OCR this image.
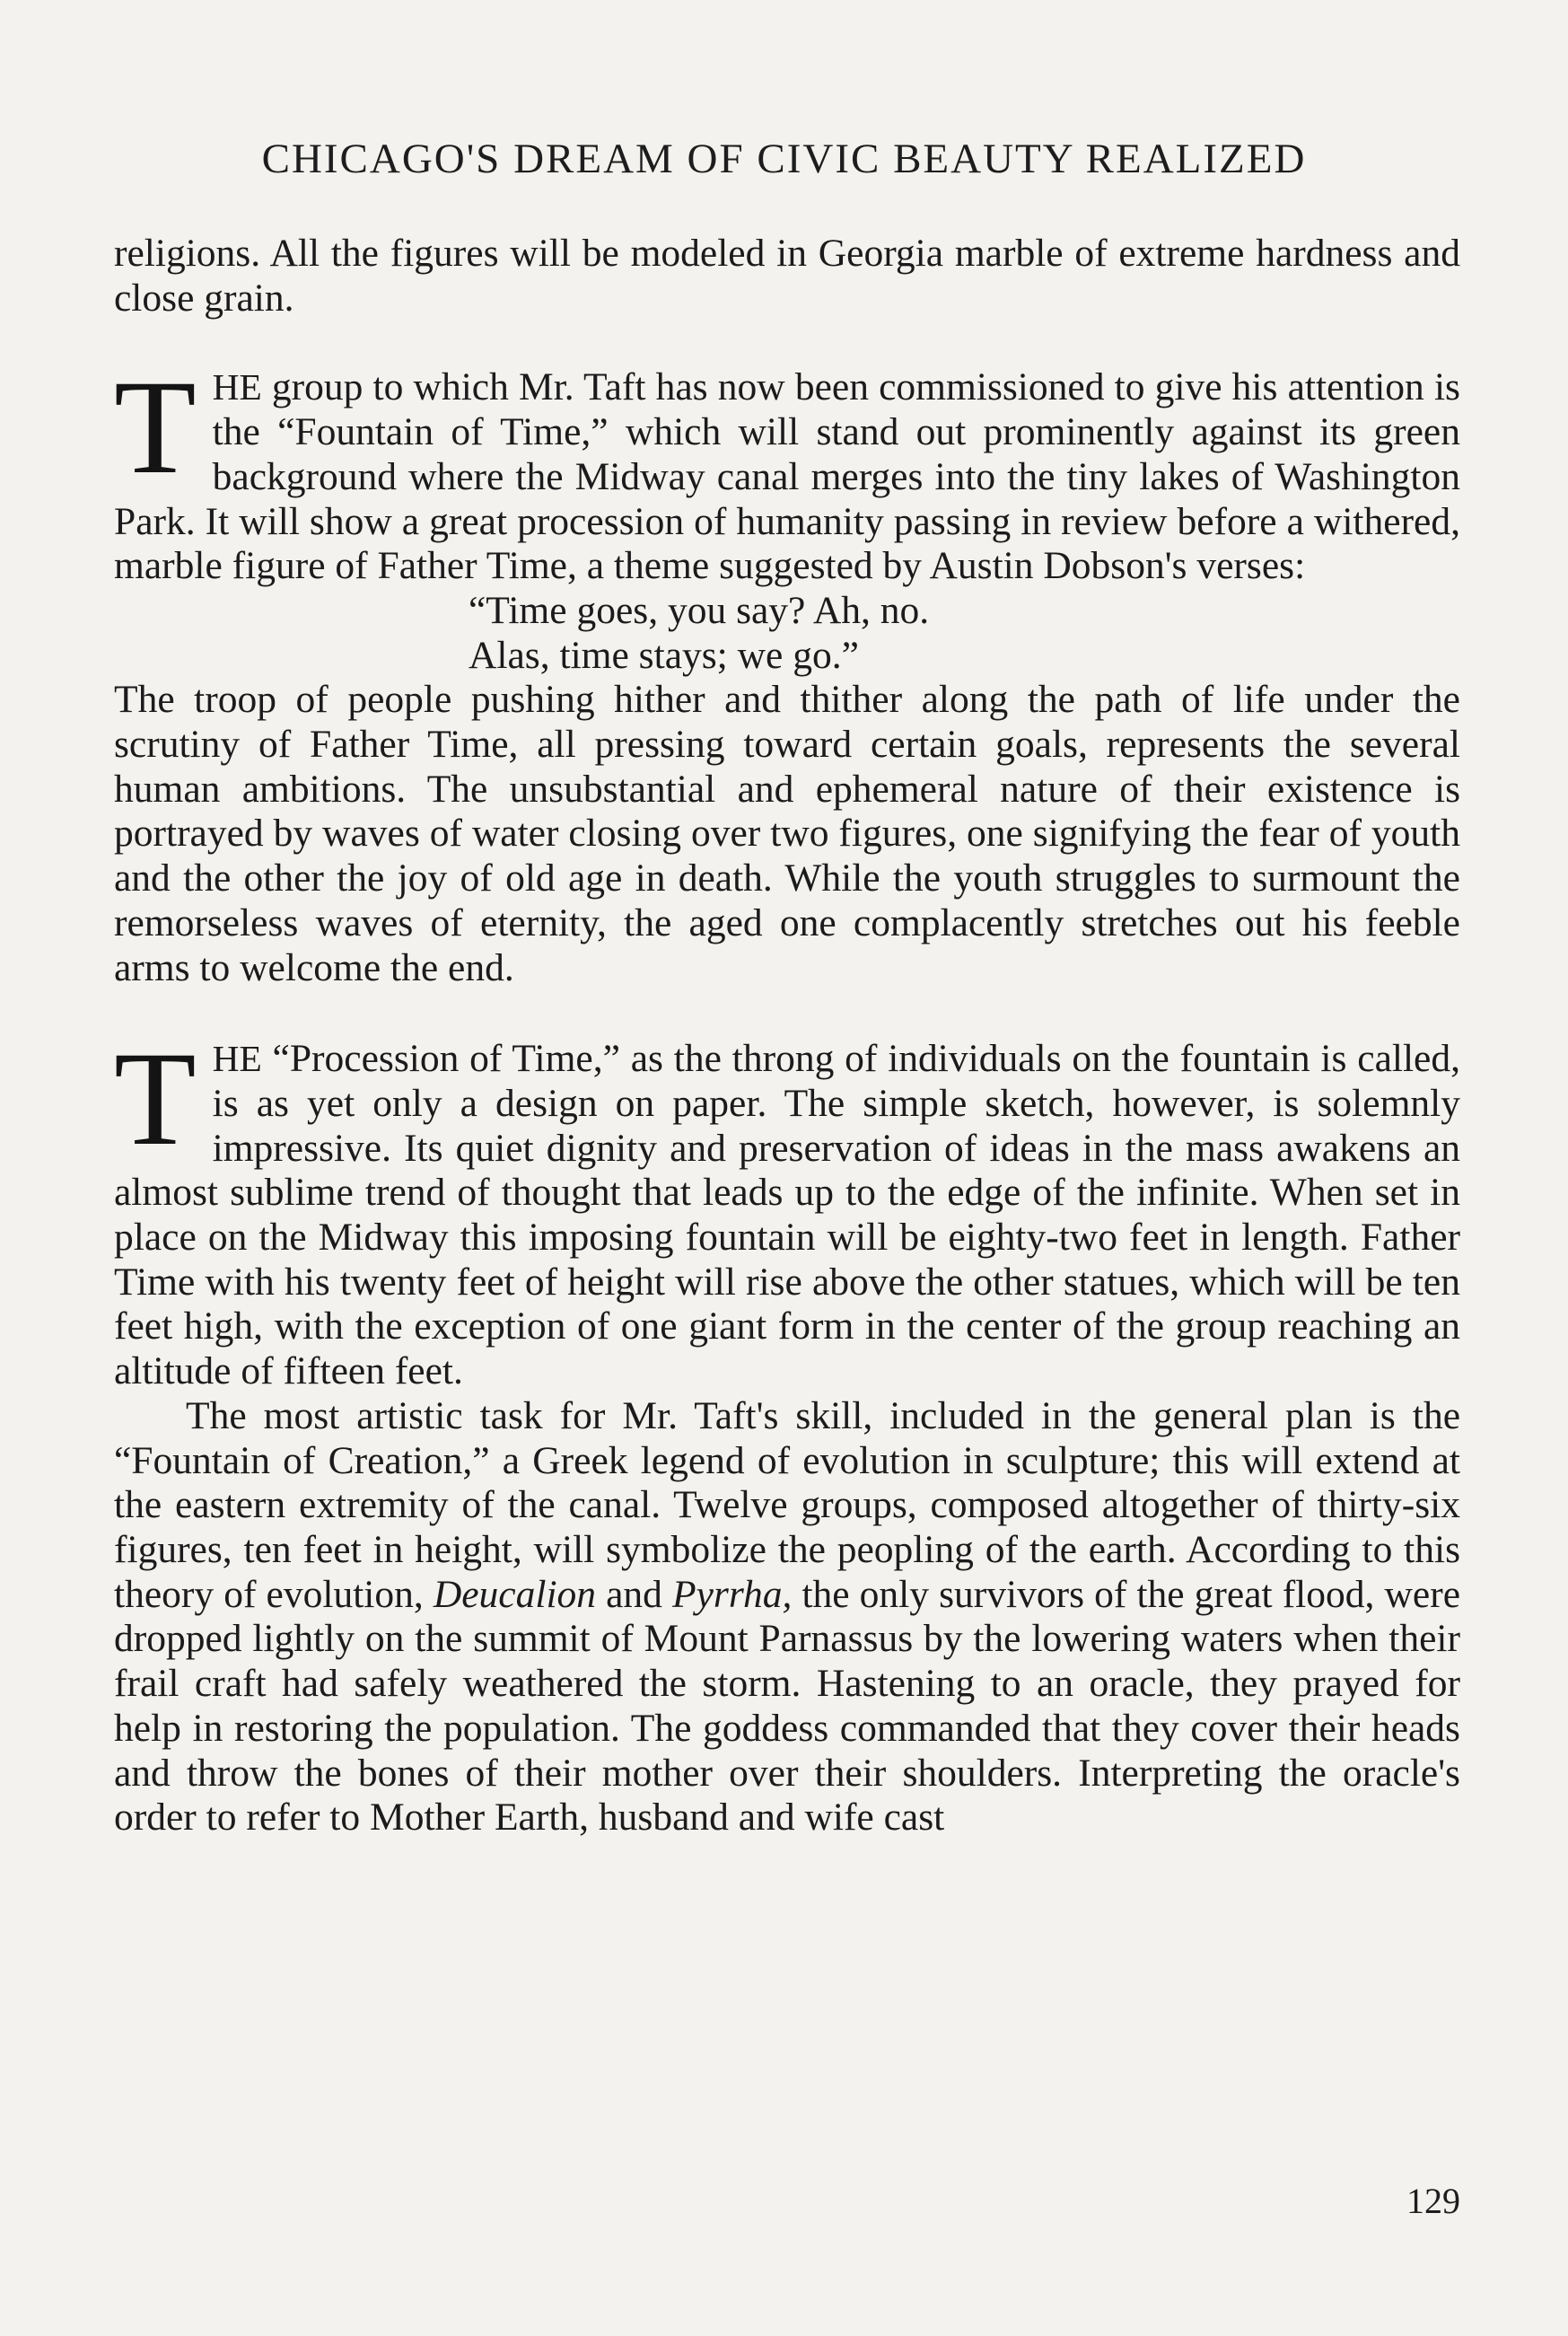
CHICAGO'S DREAM OF CIVIC BEAUTY REALIZED

religions. All the figures will be modeled in Georgia marble of extreme hardness and close grain.

THE group to which Mr. Taft has now been commissioned to give his attention is the “Fountain of Time,” which will stand out prominently against its green background where the Midway canal merges into the tiny lakes of Washington Park. It will show a great procession of humanity passing in review before a withered, marble figure of Father Time, a theme suggested by Austin Dobson's verses:

“Time goes, you say? Ah, no.

Alas, time stays; we go.”

The troop of people pushing hither and thither along the path of life under the scrutiny of Father Time, all pressing toward certain goals, represents the several human ambitions. The unsubstantial and ephemeral nature of their existence is portrayed by waves of water closing over two figures, one signifying the fear of youth and the other the joy of old age in death. While the youth struggles to surmount the remorseless waves of eternity, the aged one complacently stretches out his feeble arms to welcome the end.

THE “Procession of Time,” as the throng of individuals on the fountain is called, is as yet only a design on paper. The simple sketch, however, is solemnly impressive. Its quiet dignity and preservation of ideas in the mass awakens an almost sublime trend of thought that leads up to the edge of the infinite. When set in place on the Midway this imposing fountain will be eighty-two feet in length. Father Time with his twenty feet of height will rise above the other statues, which will be ten feet high, with the exception of one giant form in the center of the group reaching an altitude of fifteen feet.

The most artistic task for Mr. Taft's skill, included in the general plan is the “Fountain of Creation,” a Greek legend of evolution in sculpture; this will extend at the eastern extremity of the canal. Twelve groups, composed altogether of thirty-six figures, ten feet in height, will symbolize the peopling of the earth. According to this theory of evolution, Deucalion and Pyrrha, the only survivors of the great flood, were dropped lightly on the summit of Mount Parnassus by the lowering waters when their frail craft had safely weathered the storm. Hastening to an oracle, they prayed for help in restoring the population. The goddess commanded that they cover their heads and throw the bones of their mother over their shoulders. Interpreting the oracle's order to refer to Mother Earth, husband and wife cast

129
